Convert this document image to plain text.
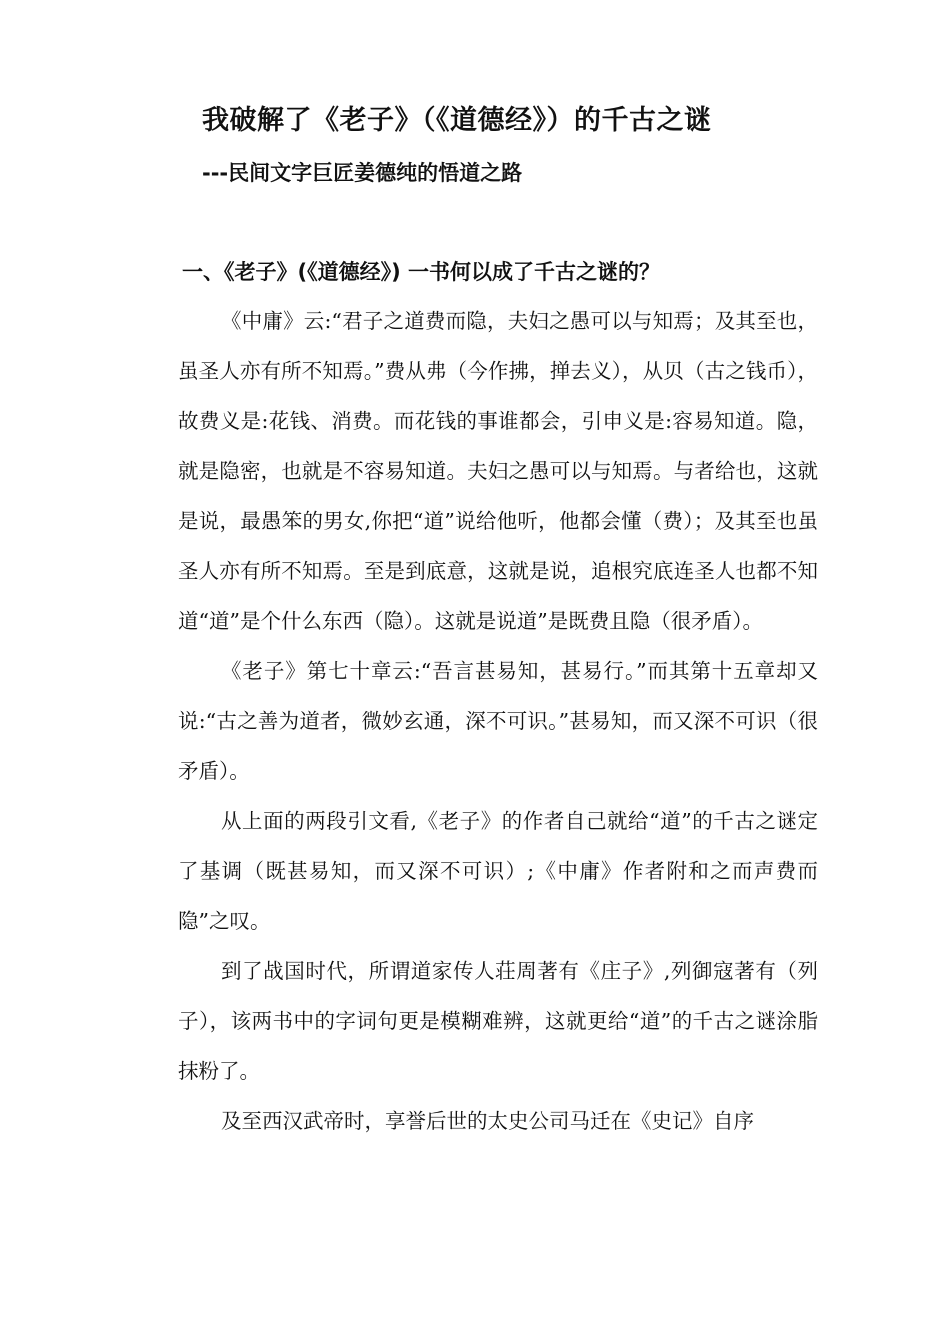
我破解了《老子》（《道德经》）的千古之谜
---民间文字巨匠姜德纯的悟道之路
一、《老子》(《道德经》) 一书何以成了千古之谜的？

《中庸》云:“君子之道费而隐，夫妇之愚可以与知焉；及其至也，虽圣人亦有所不知焉。”费从弗（今作拂，掸去义），从贝（古之钱币），故费义是:花钱、消费。而花钱的事谁都会，引申义是:容易知道。隐，就是隐密，也就是不容易知道。夫妇之愚可以与知焉。与者给也，这就是说，最愚笨的男女,你把“道”说给他听，他都会懂（费）；及其至也虽圣人亦有所不知焉。至是到底意，这就是说，追根究底连圣人也都不知道“道”是个什么东西（隐）。这就是说道”是既费且隐（很矛盾）。

《老子》第七十章云:“吾言甚易知，甚易行。”而其第十五章却又说:“古之善为道者，微妙玄通，深不可识。”甚易知，而又深不可识（很矛盾）。

从上面的两段引文看,《老子》的作者自己就给“道”的千古之谜定了基调（既甚易知，而又深不可识）;《中庸》作者附和之而声费而隐”之叹。

到了战国时代，所谓道家传人荘周著有《庄子》,列御寇著有（列子），该两书中的字词句更是模糊难辨，这就更给“道”的千古之谜涂脂抹粉了。

及至西汉武帝时，享誉后世的太史公司马迁在《史记》自序
